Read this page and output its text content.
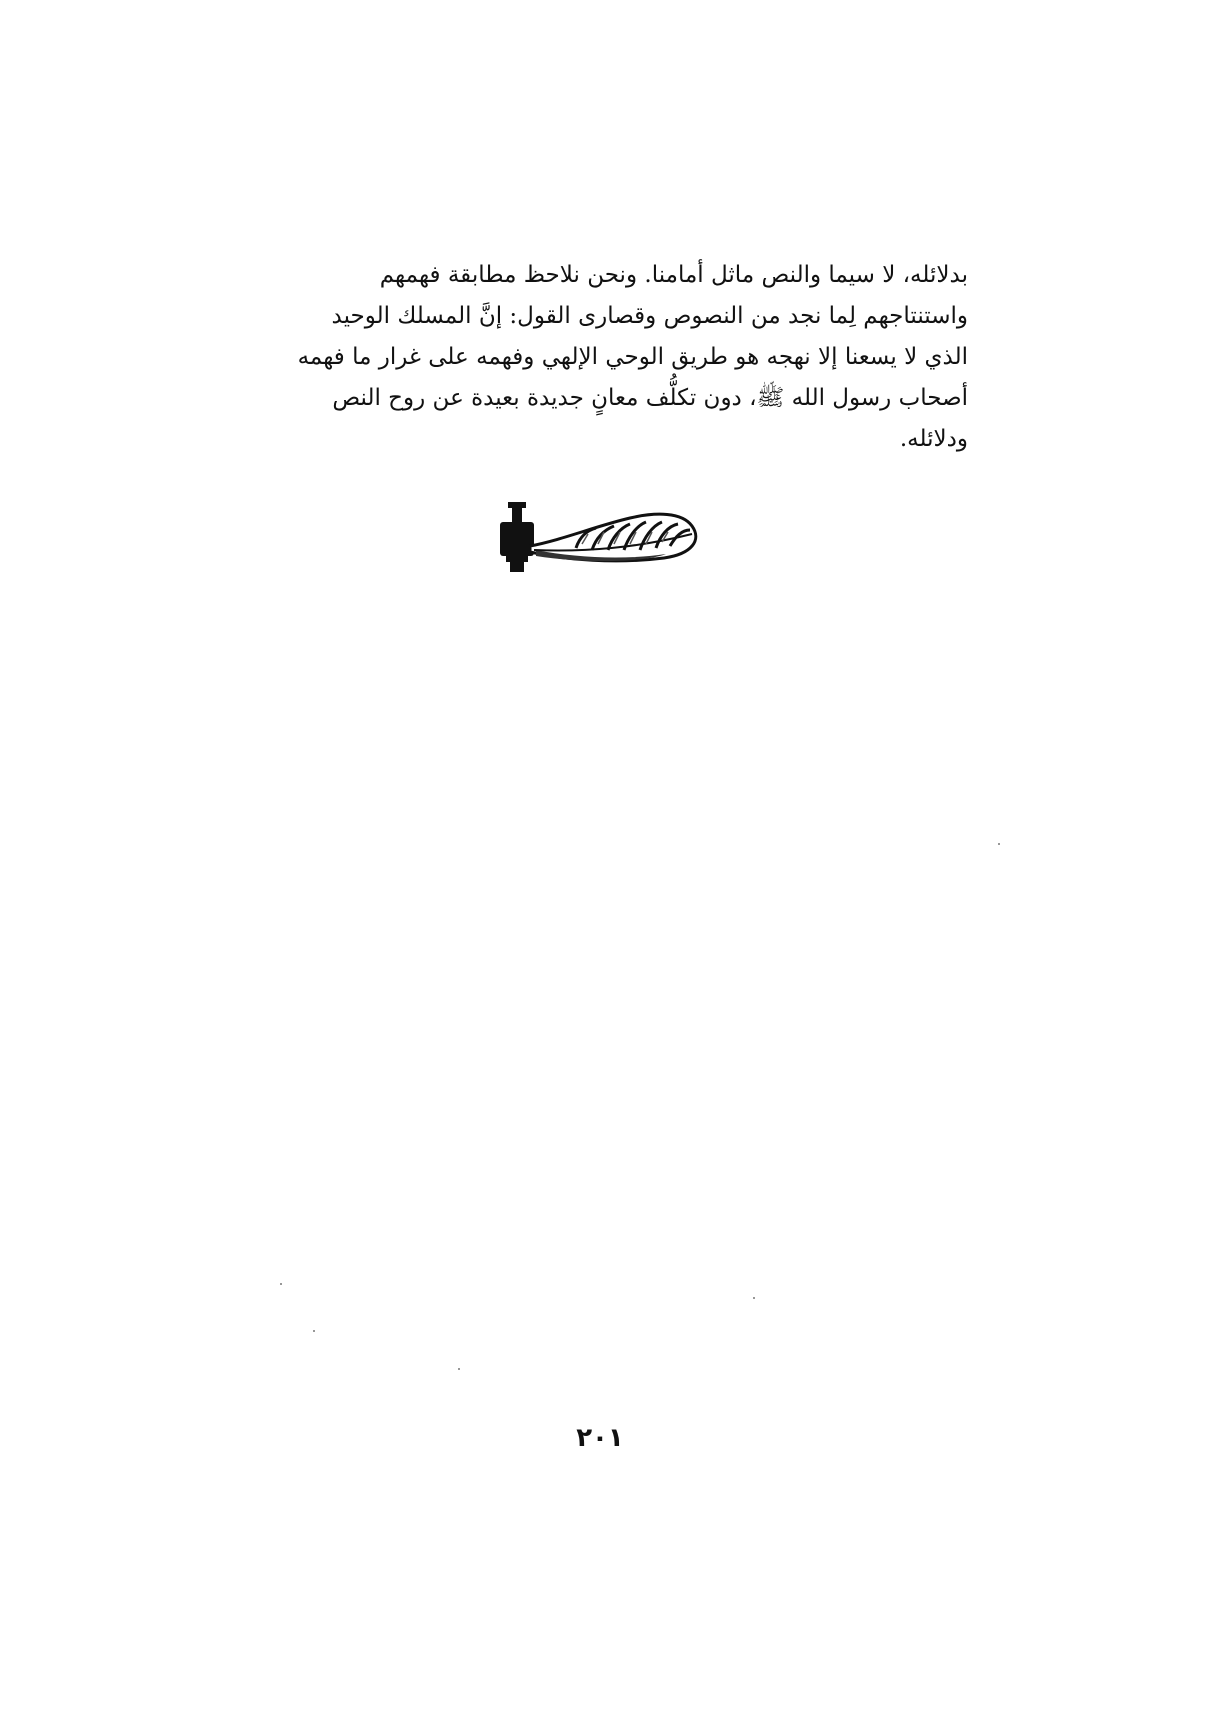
بدلائله، لا سيما والنص ماثل أمامنا. ونحن نلاحظ مطابقة فهمهم
واستنتاجهم لِما نجد من النصوص وقصارى القول: إنَّ المسلك الوحيد
الذي لا يسعنا إلا نهجه هو طريق الوحي الإلهي وفهمه على غرار ما فهمه
أصحاب رسول الله ﷺ، دون تكلُّف معانٍ جديدة بعيدة عن روح النص
ودلائله.
٢٠١
